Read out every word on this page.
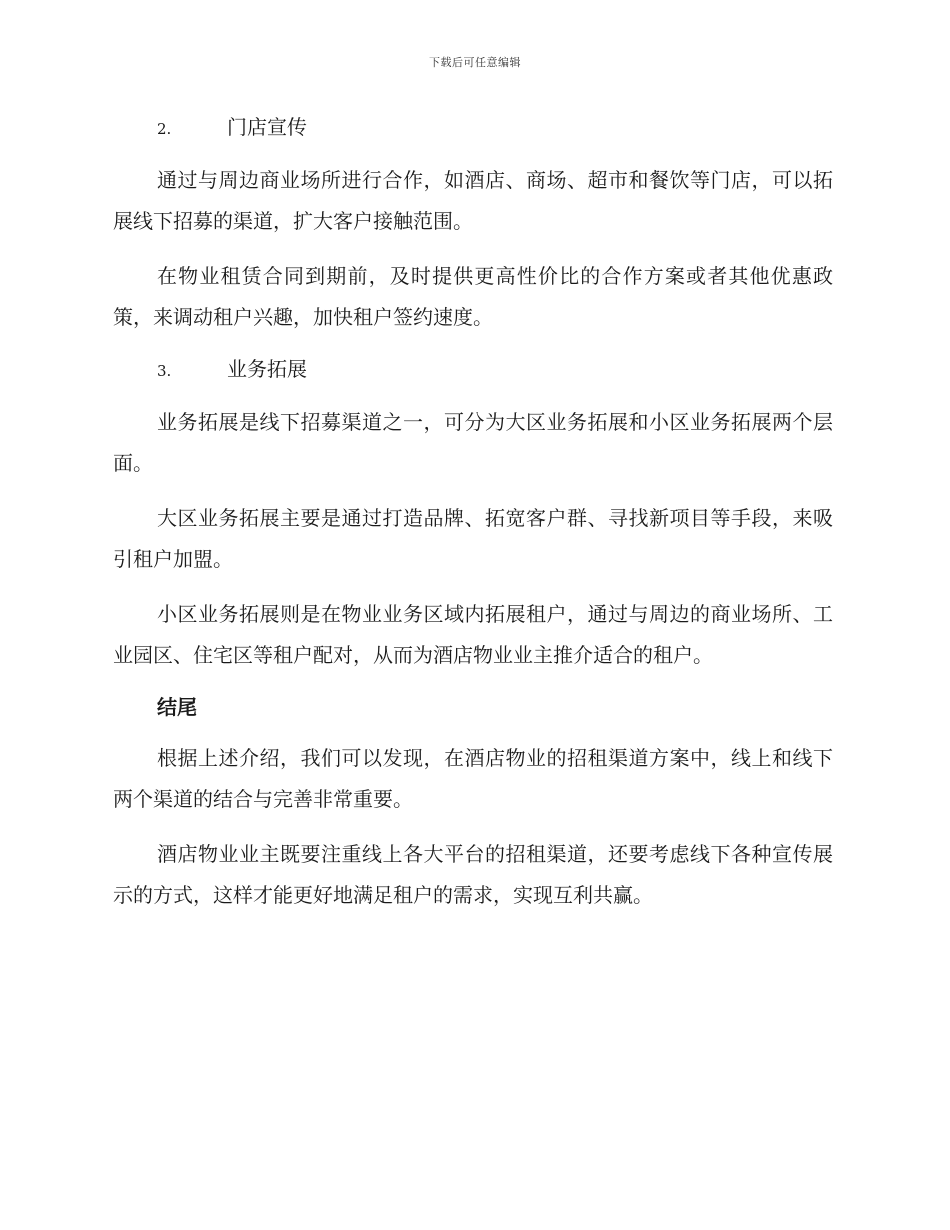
下载后可任意编辑
2.	门店宣传

通过与周边商业场所进行合作，如酒店、商场、超市和餐饮等门店，可以拓展线下招募的渠道，扩大客户接触范围。

在物业租赁合同到期前，及时提供更高性价比的合作方案或者其他优惠政策，来调动租户兴趣，加快租户签约速度。

3.	业务拓展

业务拓展是线下招募渠道之一，可分为大区业务拓展和小区业务拓展两个层面。

大区业务拓展主要是通过打造品牌、拓宽客户群、寻找新项目等手段，来吸引租户加盟。

小区业务拓展则是在物业业务区域内拓展租户，通过与周边的商业场所、工业园区、住宅区等租户配对，从而为酒店物业业主推介适合的租户。

结尾

根据上述介绍，我们可以发现，在酒店物业的招租渠道方案中，线上和线下两个渠道的结合与完善非常重要。

酒店物业业主既要注重线上各大平台的招租渠道，还要考虑线下各种宣传展示的方式，这样才能更好地满足租户的需求，实现互利共赢。
